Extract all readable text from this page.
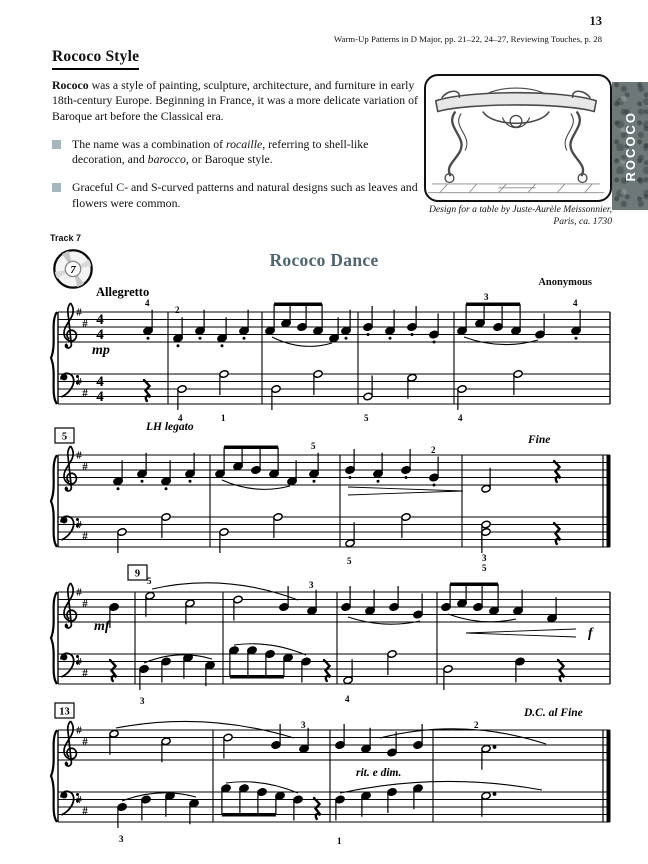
13
Warm-Up Patterns in D Major, pp. 21–22, 24–27, Reviewing Touches, p. 28
Rococo Style

Rococo was a style of painting, sculpture, architecture, and furniture in early 18th-century Europe. Beginning in France, it was a more delicate variation of Baroque art before the Classical era.

The name was a combination of rocaille, referring to shell-like decoration, and barocco, or Baroque style.
Graceful C- and S-curved patterns and natural designs such as leaves and flowers were common.	Design for a table by Juste-Aurèle Meissonnier,
Paris, ca. 1730
ROCOCO
Track 7
7
Rococo Dance
Anonymous
#
#
#
#
4
4
4
4
Allegretto
4
2
3
4
mp
4	1	5	4
LH legato
#
#
#
#
5
5	2
Fine
5	3
5
#
#
#
#
9
5	3
mf	f
3	4
#
#
#
#
13	D.C. al Fine
3	2
rit. e dim.
3	1
